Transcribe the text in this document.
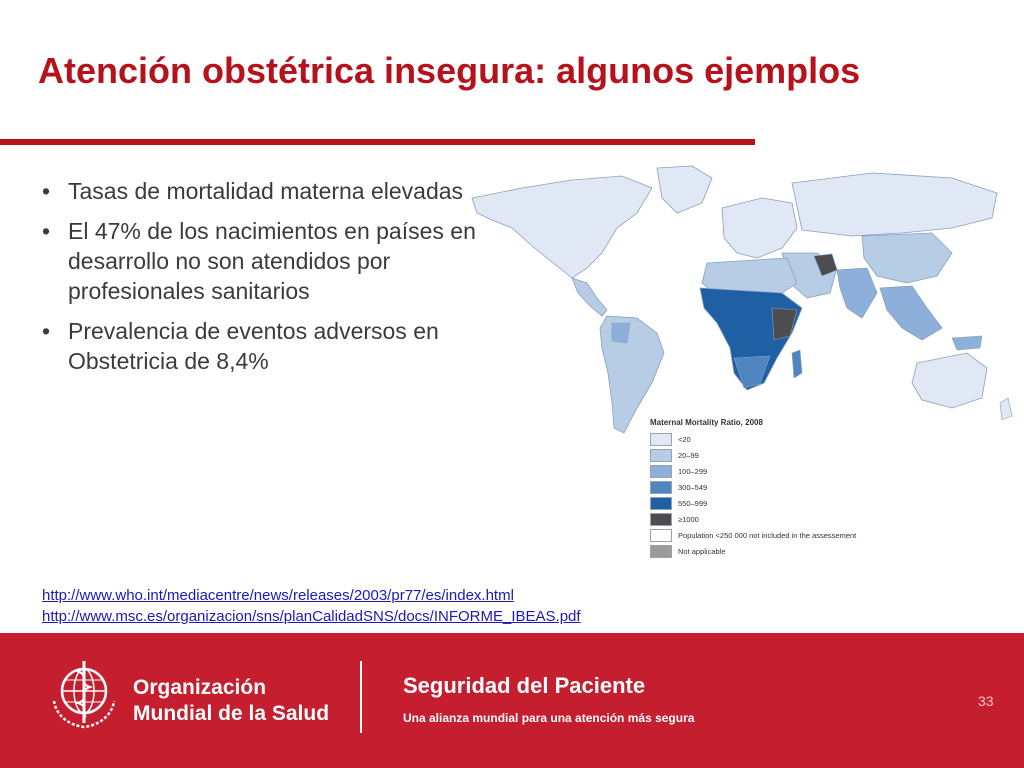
Atención obstétrica insegura: algunos ejemplos
• Tasas de mortalidad materna elevadas
• El 47% de los nacimientos en países en desarrollo no son atendidos por profesionales sanitarios
• Prevalencia de eventos adversos en Obstetricia de 8,4%
Maternal Mortality Ratio, 2008
<20
20–99
100–299
300–549
550–999
≥1000
Population <250 000 not included in the assessement
Not applicable
http://www.who.int/mediacentre/news/releases/2003/pr77/es/index.html
http://www.msc.es/organizacion/sns/planCalidadSNS/docs/INFORME_IBEAS.pdf
Organización
Mundial de la Salud
Seguridad del Paciente
Una alianza mundial para una atención más segura
33
